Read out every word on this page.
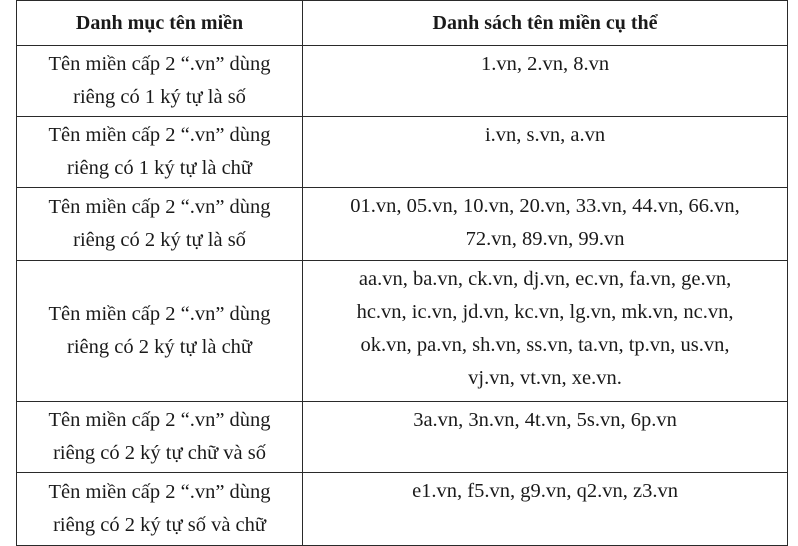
Danh mục tên miền	Danh sách tên miền cụ thể

Tên miền cấp 2 “.vn” dùng
riêng có 1 ký tự là số	1.vn, 2.vn, 8.vn

Tên miền cấp 2 “.vn” dùng
riêng có 1 ký tự là chữ	i.vn, s.vn, a.vn

Tên miền cấp 2 “.vn” dùng
riêng có 2 ký tự là số	01.vn, 05.vn, 10.vn, 20.vn, 33.vn, 44.vn, 66.vn,
72.vn, 89.vn, 99.vn

Tên miền cấp 2 “.vn” dùng
riêng có 2 ký tự là chữ	aa.vn, ba.vn, ck.vn, dj.vn, ec.vn, fa.vn, ge.vn,
hc.vn, ic.vn, jd.vn, kc.vn, lg.vn, mk.vn, nc.vn,
ok.vn, pa.vn, sh.vn, ss.vn, ta.vn, tp.vn, us.vn,
vj.vn, vt.vn, xe.vn.

Tên miền cấp 2 “.vn” dùng
riêng có 2 ký tự chữ và số	3a.vn, 3n.vn, 4t.vn, 5s.vn, 6p.vn

Tên miền cấp 2 “.vn” dùng
riêng có 2 ký tự số và chữ	e1.vn, f5.vn, g9.vn, q2.vn, z3.vn
